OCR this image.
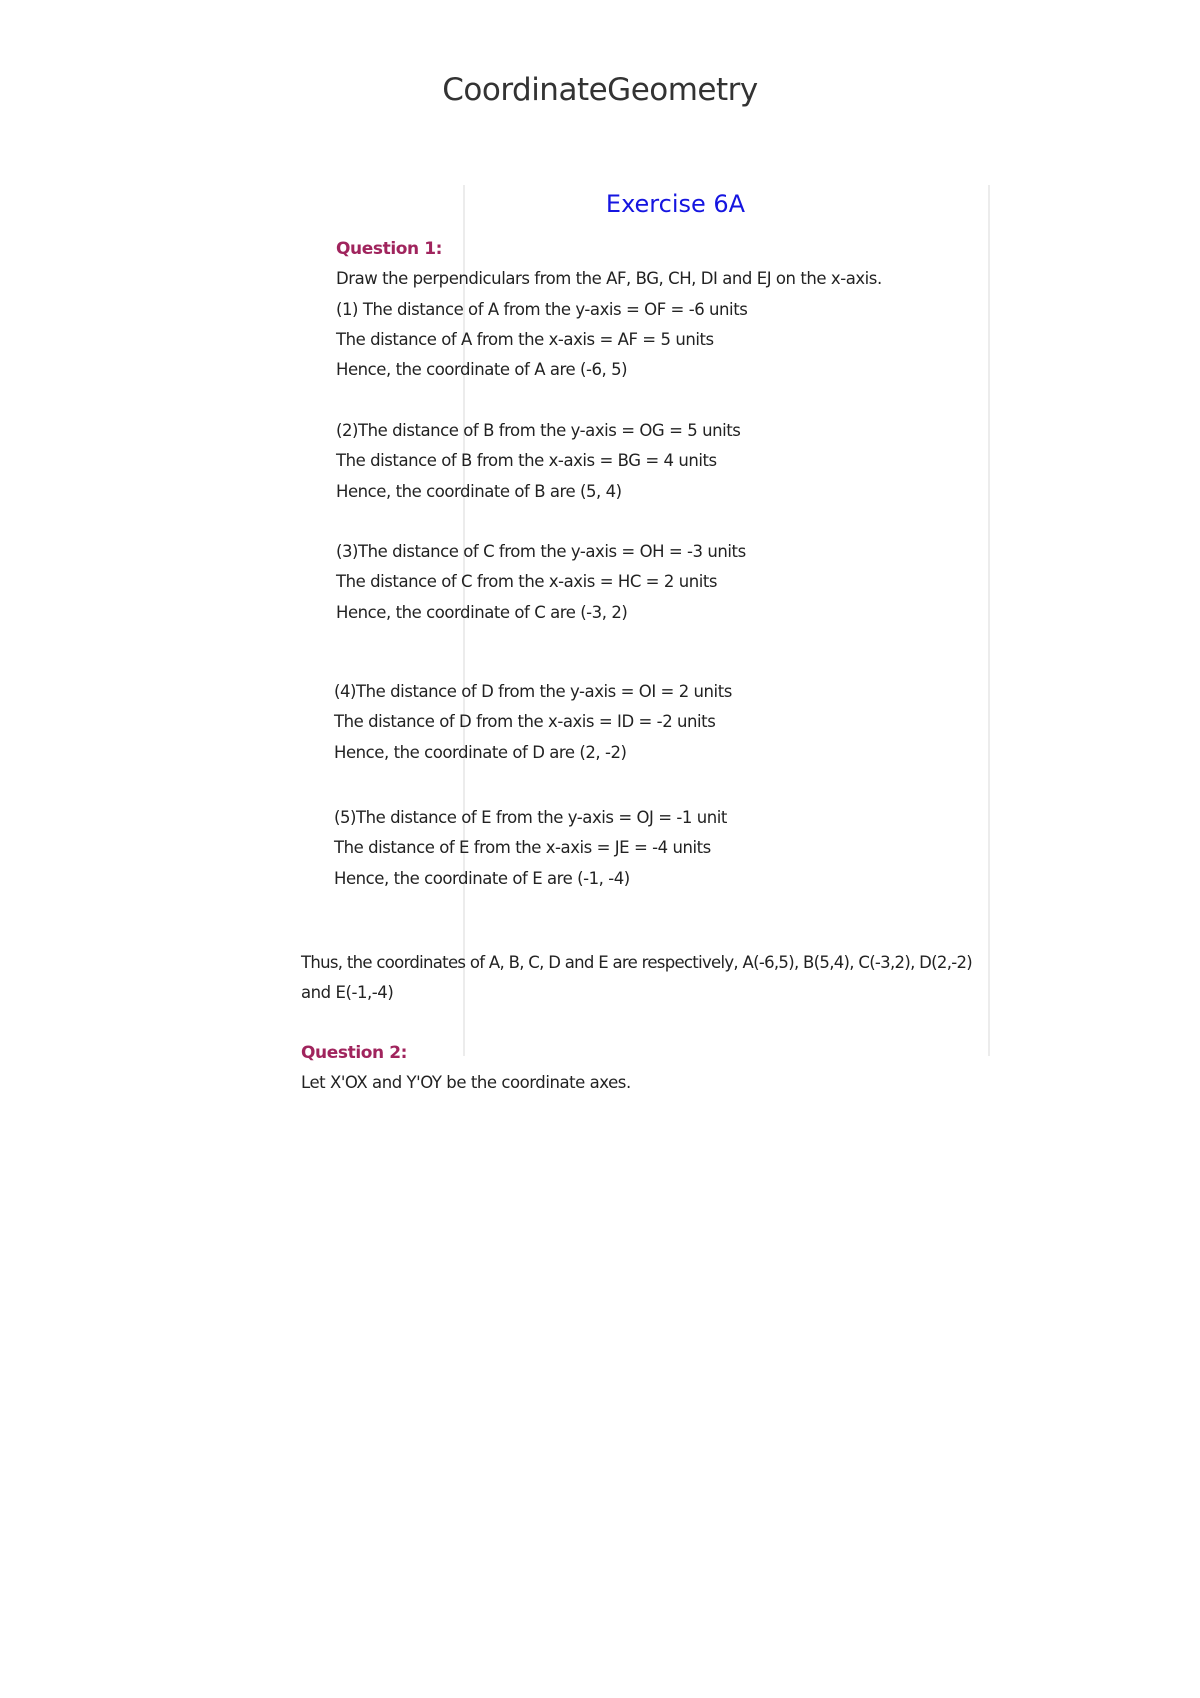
CoordinateGeometry
Exercise 6A
Question 1:
Draw the perpendiculars from the AF, BG, CH, DI and EJ on the x-axis.
(1) The distance of A from the y-axis = OF = -6 units
The distance of A from the x-axis = AF = 5 units
Hence, the coordinate of A are (-6, 5)
(2)The distance of B from the y-axis = OG = 5 units
The distance of B from the x-axis = BG = 4 units
Hence, the coordinate of B are (5, 4)
(3)The distance of C from the y-axis = OH = -3 units
The distance of C from the x-axis = HC = 2 units
Hence, the coordinate of C are (-3, 2)
(4)The distance of D from the y-axis = OI = 2 units
The distance of D from the x-axis = ID = -2 units
Hence, the coordinate of D are (2, -2)
(5)The distance of E from the y-axis = OJ = -1 unit
The distance of E from the x-axis = JE = -4 units
Hence, the coordinate of E are (-1, -4)
Thus, the coordinates of A, B, C, D and E are respectively, A(-6,5), B(5,4), C(-3,2), D(2,-2)
and E(-1,-4)
Question 2:
Let X'OX and Y'OY be the coordinate axes.
